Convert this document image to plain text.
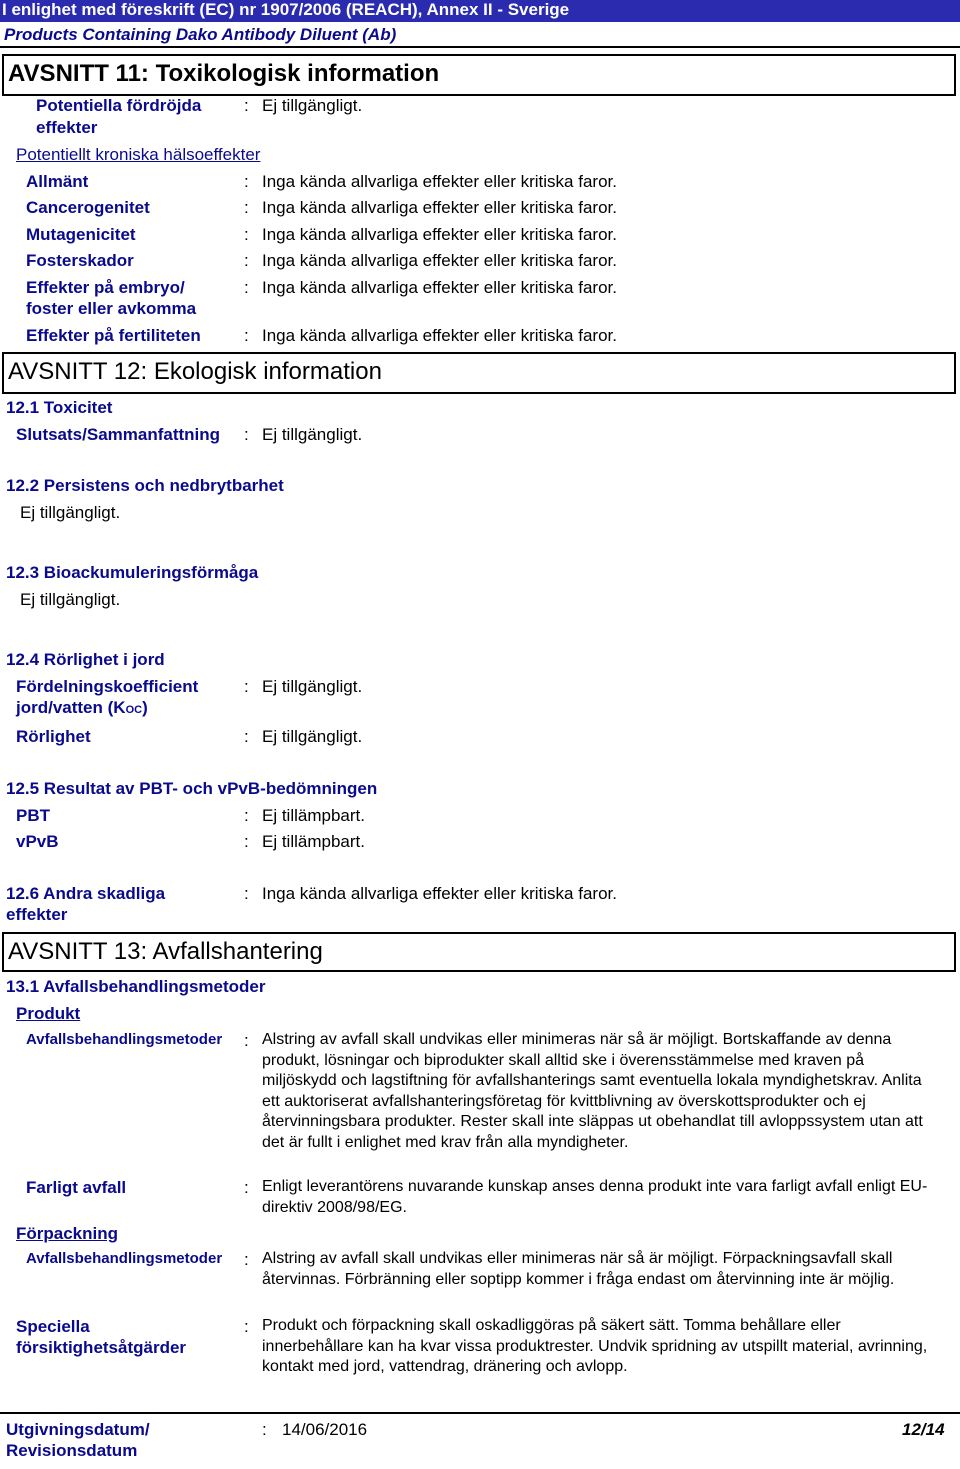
I enlighet med föreskrift (EC) nr 1907/2006 (REACH), Annex II - Sverige
Products Containing Dako Antibody Diluent (Ab)
AVSNITT 11: Toxikologisk information
Potentiella fördröjda
effekter
: Ej tillgängligt.
Potentiellt kroniska hälsoeffekter
Allmänt	: Inga kända allvarliga effekter eller kritiska faror.
Cancerogenitet	: Inga kända allvarliga effekter eller kritiska faror.
Mutagenicitet	: Inga kända allvarliga effekter eller kritiska faror.
Fosterskador	: Inga kända allvarliga effekter eller kritiska faror.
Effekter på embryo/
foster eller avkomma
: Inga kända allvarliga effekter eller kritiska faror.
Effekter på fertiliteten	: Inga kända allvarliga effekter eller kritiska faror.
AVSNITT 12: Ekologisk information
12.1 Toxicitet
Slutsats/Sammanfattning : Ej tillgängligt.
12.2 Persistens och nedbrytbarhet
Ej tillgängligt.
12.3 Bioackumuleringsförmåga
Ej tillgängligt.
12.4 Rörlighet i jord
Fördelningskoefficient
jord/vatten (KOC)
: Ej tillgängligt.
Rörlighet	: Ej tillgängligt.
12.5 Resultat av PBT- och vPvB-bedömningen
PBT	: Ej tillämpbart.
vPvB	: Ej tillämpbart.
12.6 Andra skadliga
effekter
: Inga kända allvarliga effekter eller kritiska faror.
AVSNITT 13: Avfallshantering
13.1 Avfallsbehandlingsmetoder
Produkt
Avfallsbehandlingsmetoder : Alstring av avfall skall undvikas eller minimeras när så är möjligt. Bortskaffande av denna produkt, lösningar och biprodukter skall alltid ske i överensstämmelse med kraven på miljöskydd och lagstiftning för avfallshanterings samt eventuella lokala myndighetskrav. Anlita ett auktoriserat avfallshanteringsföretag för kvittblivning av överskottsprodukter och ej återvinningsbara produkter. Rester skall inte släppas ut obehandlat till avloppssystem utan att det är fullt i enlighet med krav från alla myndigheter.
Farligt avfall	: Enligt leverantörens nuvarande kunskap anses denna produkt inte vara farligt avfall enligt EU-direktiv 2008/98/EG.
Förpackning
Avfallsbehandlingsmetoder : Alstring av avfall skall undvikas eller minimeras när så är möjligt. Förpackningsavfall skall återvinnas. Förbränning eller soptipp kommer i fråga endast om återvinning inte är möjlig.
Speciella
försiktighetsåtgärder
: Produkt och förpackning skall oskadliggöras på säkert sätt. Tomma behållare eller innerbehållare kan ha kvar vissa produktrester. Undvik spridning av utspillt material, avrinning, kontakt med jord, vattendrag, dränering och avlopp.
Utgivningsdatum/
Revisionsdatum
: 14/06/2016	12/14
